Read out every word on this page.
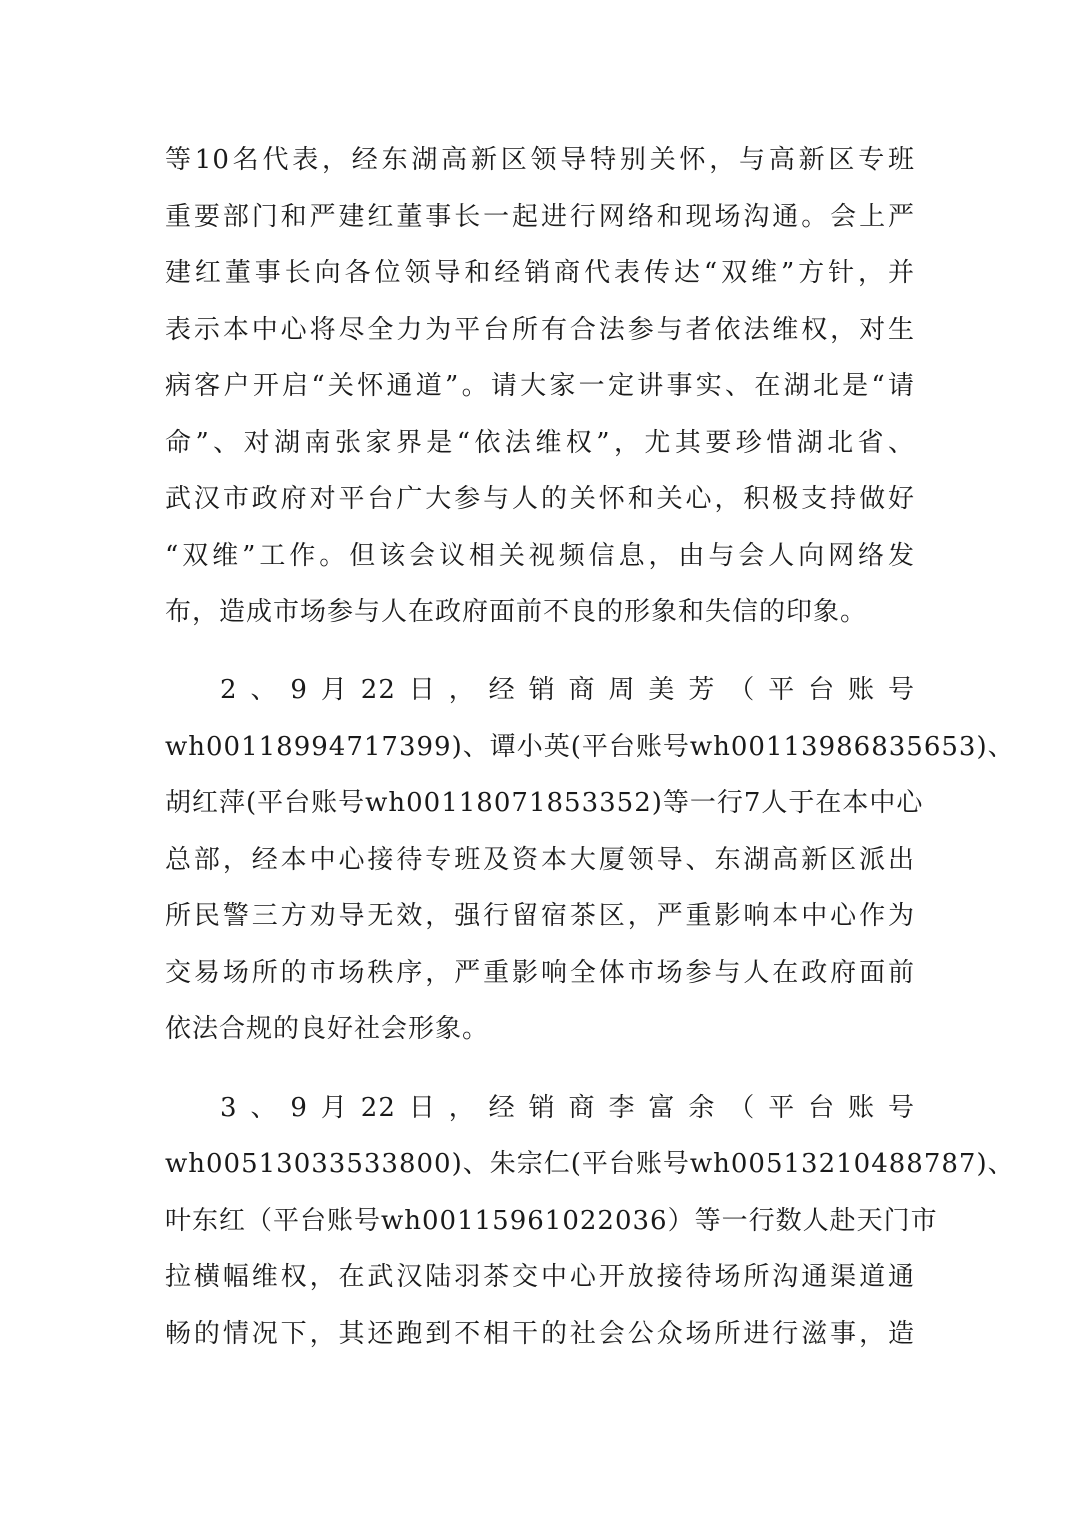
等10名代表，经东湖高新区领导特别关怀，与高新区专班
重要部门和严建红董事长一起进行网络和现场沟通。会上严
建红董事长向各位领导和经销商代表传达“双维”方针，并
表示本中心将尽全力为平台所有合法参与者依法维权，对生
病客户开启“关怀通道”。请大家一定讲事实、在湖北是“请
命”、对湖南张家界是“依法维权”，尤其要珍惜湖北省、
武汉市政府对平台广大参与人的关怀和关心，积极支持做好
“双维”工作。但该会议相关视频信息，由与会人向网络发
布，造成市场参与人在政府面前不良的形象和失信的印象。
2、9月22日，经销商周美芳（平台账号
wh00118994717399)、谭小英(平台账号wh00113986835653)、
胡红萍(平台账号wh00118071853352)等一行7人于在本中心
总部，经本中心接待专班及资本大厦领导、东湖高新区派出
所民警三方劝导无效，强行留宿茶区，严重影响本中心作为
交易场所的市场秩序，严重影响全体市场参与人在政府面前
依法合规的良好社会形象。
3、9月22日，经销商李富余（平台账号
wh00513033533800)、朱宗仁(平台账号wh00513210488787)、
叶东红（平台账号wh00115961022036）等一行数人赴天门市
拉横幅维权，在武汉陆羽茶交中心开放接待场所沟通渠道通
畅的情况下，其还跑到不相干的社会公众场所进行滋事，造
